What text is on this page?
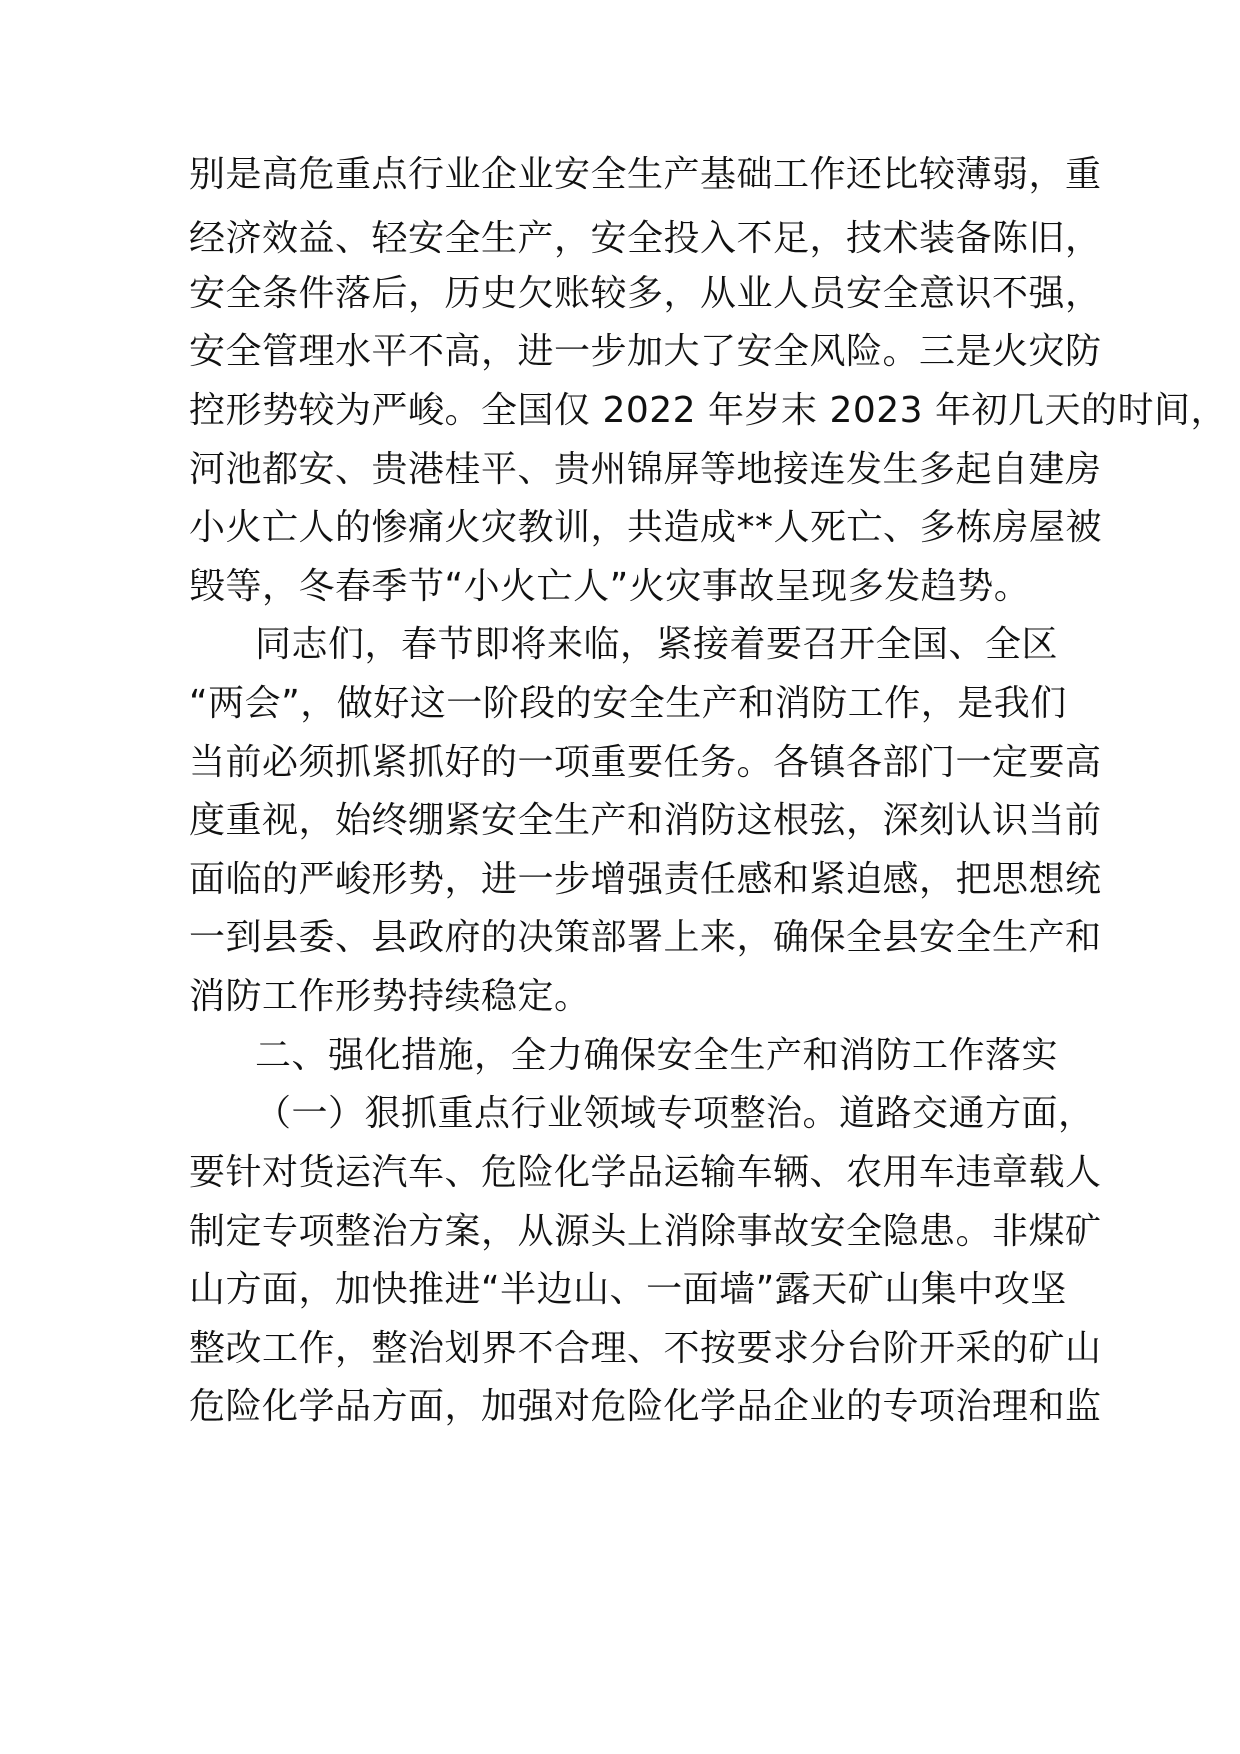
别是高危重点行业企业安全生产基础工作还比较薄弱，重
经济效益、轻安全生产，安全投入不足，技术装备陈旧，
安全条件落后，历史欠账较多，从业人员安全意识不强，
安全管理水平不高，进一步加大了安全风险。三是火灾防
控形势较为严峻。全国仅 2022 年岁末 2023 年初几天的时间，
河池都安、贵港桂平、贵州锦屏等地接连发生多起自建房
小火亡人的惨痛火灾教训，共造成**人死亡、多栋房屋被
毁等，冬春季节“小火亡人”火灾事故呈现多发趋势。
同志们，春节即将来临，紧接着要召开全国、全区
“两会”，做好这一阶段的安全生产和消防工作，是我们
当前必须抓紧抓好的一项重要任务。各镇各部门一定要高
度重视，始终绷紧安全生产和消防这根弦，深刻认识当前
面临的严峻形势，进一步增强责任感和紧迫感，把思想统
一到县委、县政府的决策部署上来，确保全县安全生产和
消防工作形势持续稳定。
二、强化措施，全力确保安全生产和消防工作落实
（一）狠抓重点行业领域专项整治。道路交通方面，
要针对货运汽车、危险化学品运输车辆、农用车违章载人
制定专项整治方案，从源头上消除事故安全隐患。非煤矿
山方面，加快推进“半边山、一面墙”露天矿山集中攻坚
整改工作，整治划界不合理、不按要求分台阶开采的矿山
危险化学品方面，加强对危险化学品企业的专项治理和监
